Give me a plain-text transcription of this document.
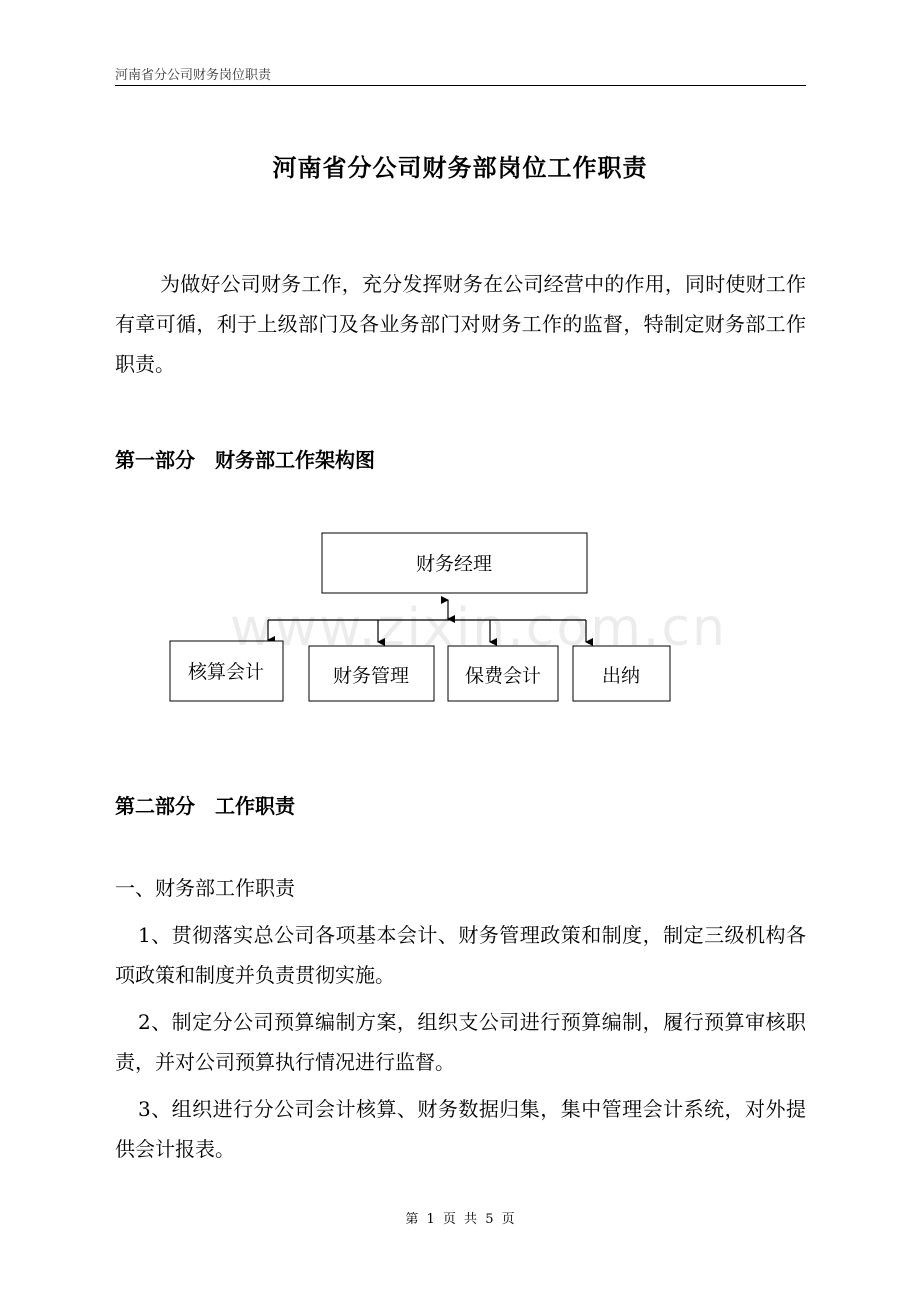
河南省分公司财务岗位职责
河南省分公司财务部岗位工作职责
为做好公司财务工作，充分发挥财务在公司经营中的作用，同时使财工作有章可循，利于上级部门及各业务部门对财务工作的监督，特制定财务部工作职责。
第一部分　财务部工作架构图
财务经理
核算会计	财务管理	保费会计	出纳
www.zixin.com.cn
第二部分　工作职责
一、财务部工作职责
1、贯彻落实总公司各项基本会计、财务管理政策和制度，制定三级机构各项政策和制度并负责贯彻实施。
2、制定分公司预算编制方案，组织支公司进行预算编制，履行预算审核职责，并对公司预算执行情况进行监督。
3、组织进行分公司会计核算、财务数据归集，集中管理会计系统，对外提供会计报表。
第 1 页 共 5 页
